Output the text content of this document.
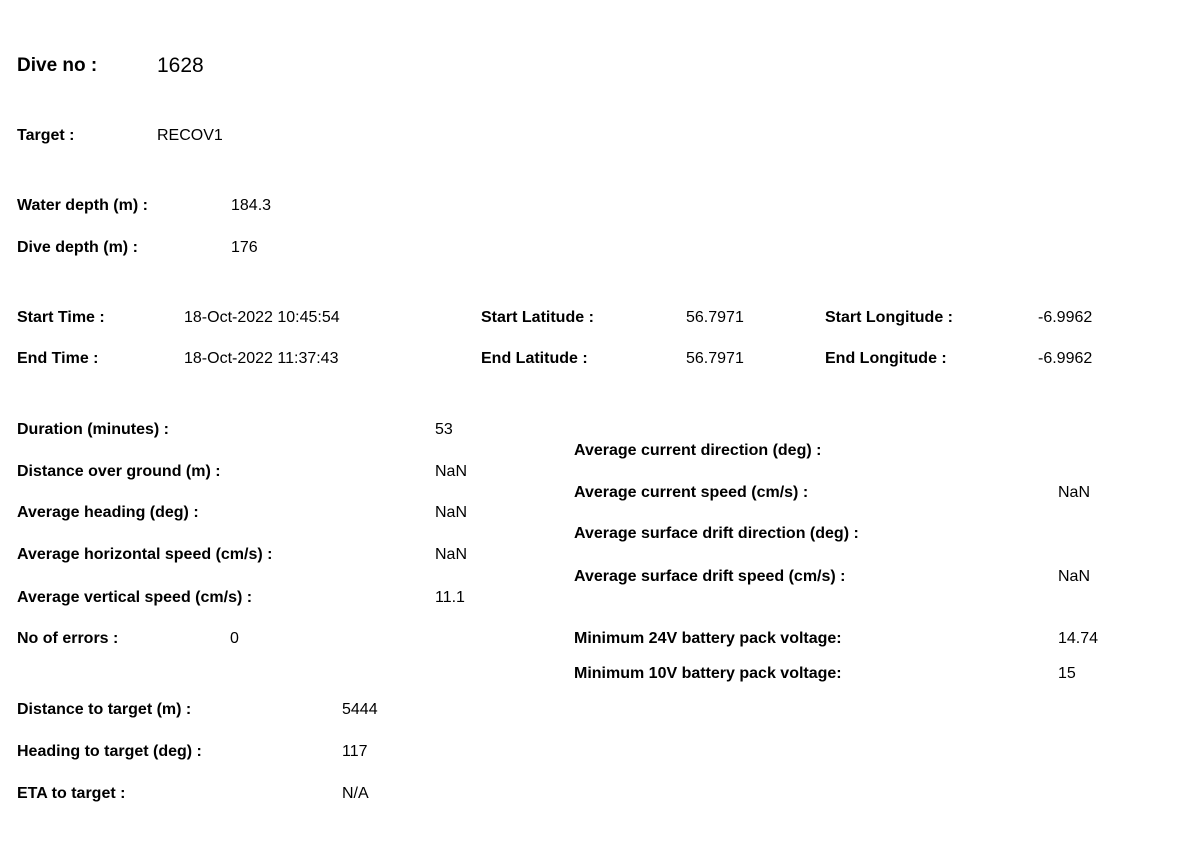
Dive no :	1628
Target :	RECOV1
Water depth (m) :	184.3
Dive depth (m) :	176
Start Time :	18-Oct-2022 10:45:54	Start Latitude :	56.7971	Start Longitude :	-6.9962
End Time :	18-Oct-2022 11:37:43	End Latitude :	56.7971	End Longitude :	-6.9962
Duration (minutes) :	53
Distance over ground (m) :	NaN
Average heading (deg) :	NaN
Average horizontal speed (cm/s) :	NaN
Average vertical speed (cm/s) :	11.1
No of errors :	0
Average current direction (deg) :
Average current speed (cm/s) :	NaN
Average surface drift direction (deg) :
Average surface drift speed (cm/s) :	NaN
Minimum 24V battery pack voltage:	14.74
Minimum 10V battery pack voltage:	15
Distance to target (m) :	5444
Heading to target (deg) :	117
ETA to target :	N/A
